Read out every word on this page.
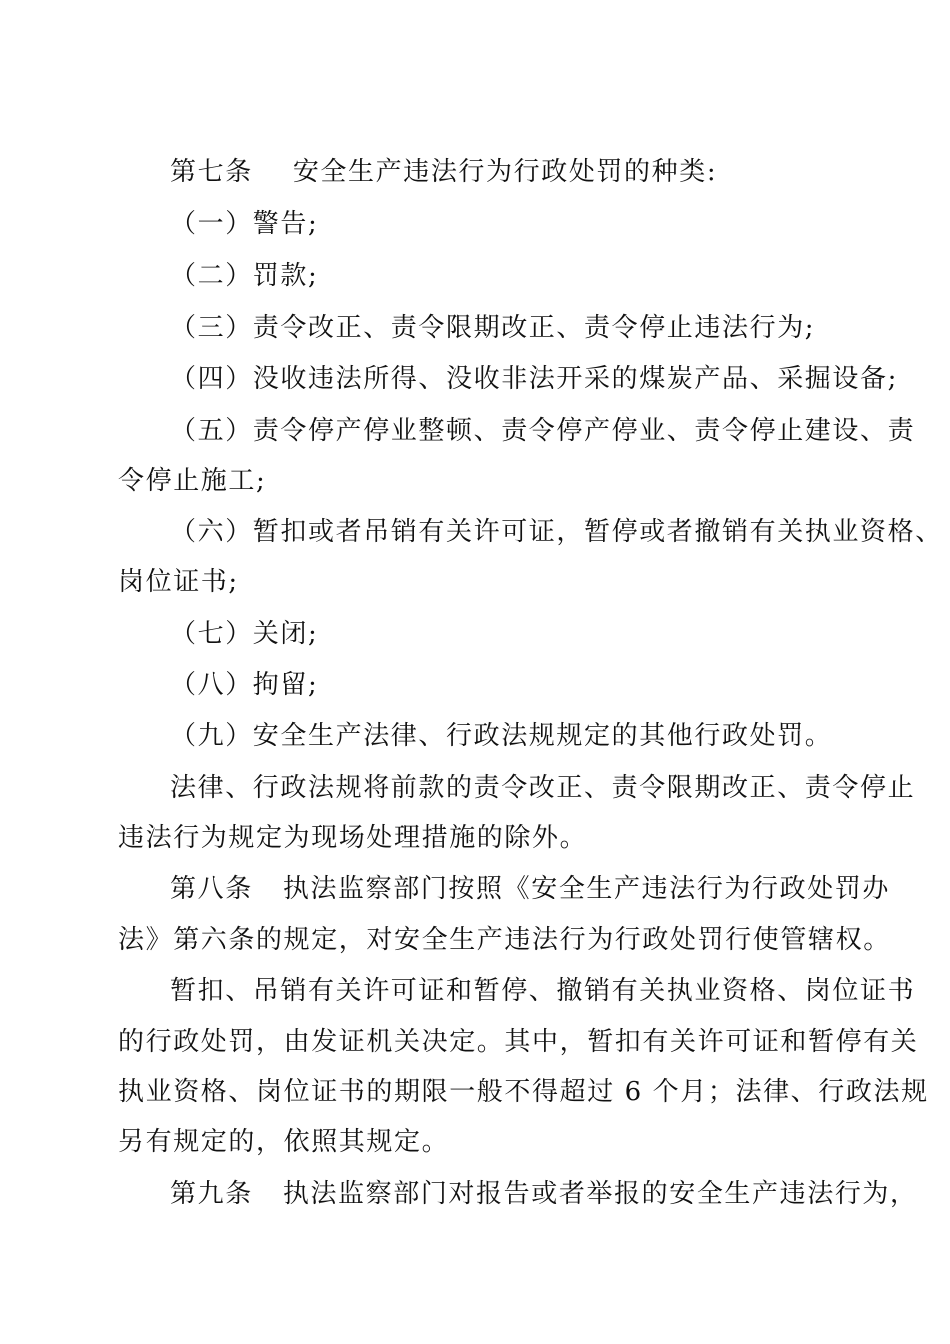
第七条 安全生产违法行为行政处罚的种类:
（一）警告;
（二）罚款;
（三）责令改正、责令限期改正、责令停止违法行为;
（四）没收违法所得、没收非法开采的煤炭产品、采掘设备;
（五）责令停产停业整顿、责令停产停业、责令停止建设、责
令停止施工;
（六）暂扣或者吊销有关许可证，暂停或者撤销有关执业资格、
岗位证书;
（七）关闭;
（八）拘留;
（九）安全生产法律、行政法规规定的其他行政处罚。
法律、行政法规将前款的责令改正、责令限期改正、责令停止
违法行为规定为现场处理措施的除外。
第八条 执法监察部门按照《安全生产违法行为行政处罚办
法》第六条的规定，对安全生产违法行为行政处罚行使管辖权。
暂扣、吊销有关许可证和暂停、撤销有关执业资格、岗位证书
的行政处罚，由发证机关决定。其中，暂扣有关许可证和暂停有关
执业资格、岗位证书的期限一般不得超过 6 个月；法律、行政法规
另有规定的，依照其规定。
第九条 执法监察部门对报告或者举报的安全生产违法行为，
